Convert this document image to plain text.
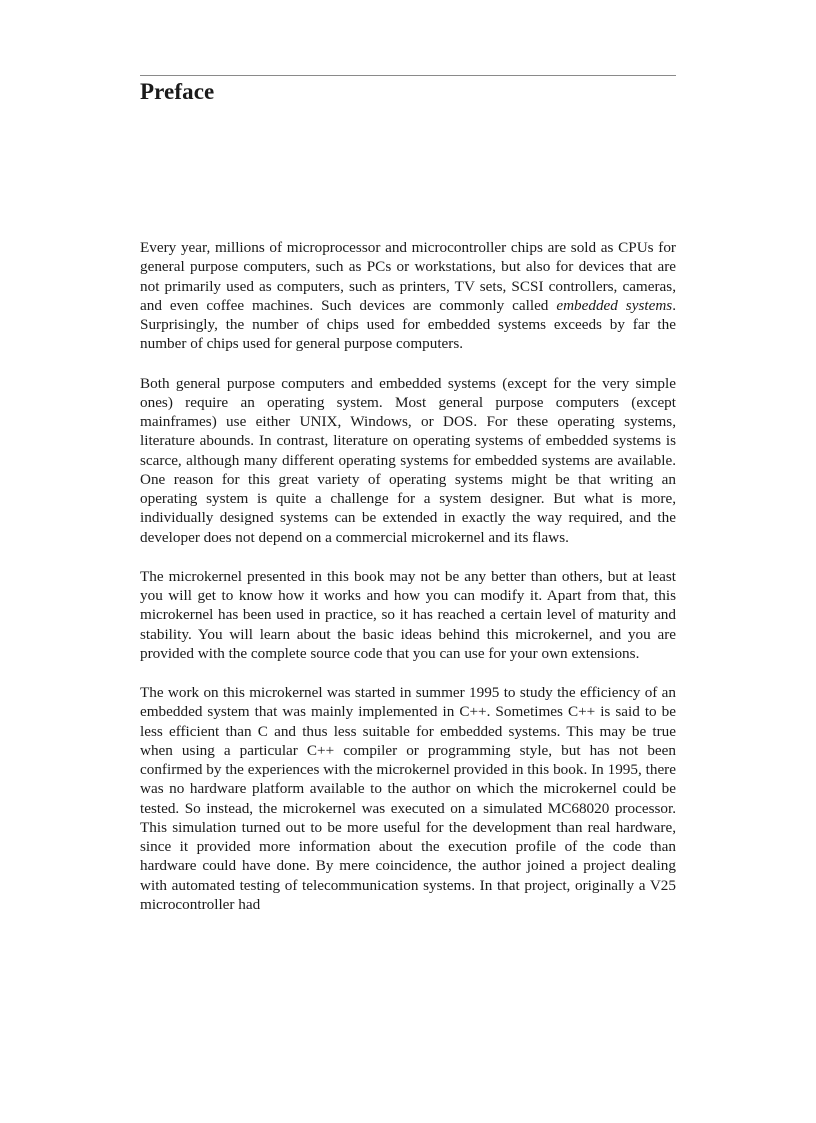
Preface

Every year, millions of microprocessor and microcontroller chips are sold as CPUs for general purpose computers, such as PCs or workstations, but also for devices that are not primarily used as computers, such as printers, TV sets, SCSI controllers, cameras, and even coffee machines. Such devices are commonly called embedded systems. Surprisingly, the number of chips used for embedded systems exceeds by far the number of chips used for general purpose computers.

Both general purpose computers and embedded systems (except for the very simple ones) require an operating system. Most general purpose computers (except mainframes) use either UNIX, Windows, or DOS. For these operating systems, literature abounds. In contrast, literature on operating systems of embedded systems is scarce, although many different operating systems for embedded systems are available. One reason for this great variety of operating systems might be that writing an operating system is quite a challenge for a system designer. But what is more, individually designed systems can be extended in exactly the way required, and the developer does not depend on a commercial microkernel and its flaws.

The microkernel presented in this book may not be any better than others, but at least you will get to know how it works and how you can modify it. Apart from that, this microkernel has been used in practice, so it has reached a certain level of maturity and stability. You will learn about the basic ideas behind this microkernel, and you are provided with the complete source code that you can use for your own extensions.

The work on this microkernel was started in summer 1995 to study the efficiency of an embedded system that was mainly implemented in C++. Sometimes C++ is said to be less efficient than C and thus less suitable for embedded systems. This may be true when using a particular C++ compiler or programming style, but has not been confirmed by the experiences with the microkernel provided in this book. In 1995, there was no hardware platform available to the author on which the microkernel could be tested. So instead, the microkernel was executed on a simulated MC68020 processor. This simulation turned out to be more useful for the development than real hardware, since it provided more information about the execution profile of the code than hardware could have done. By mere coincidence, the author joined a project dealing with automated testing of telecommunication systems. In that project, originally a V25 microcontroller had
